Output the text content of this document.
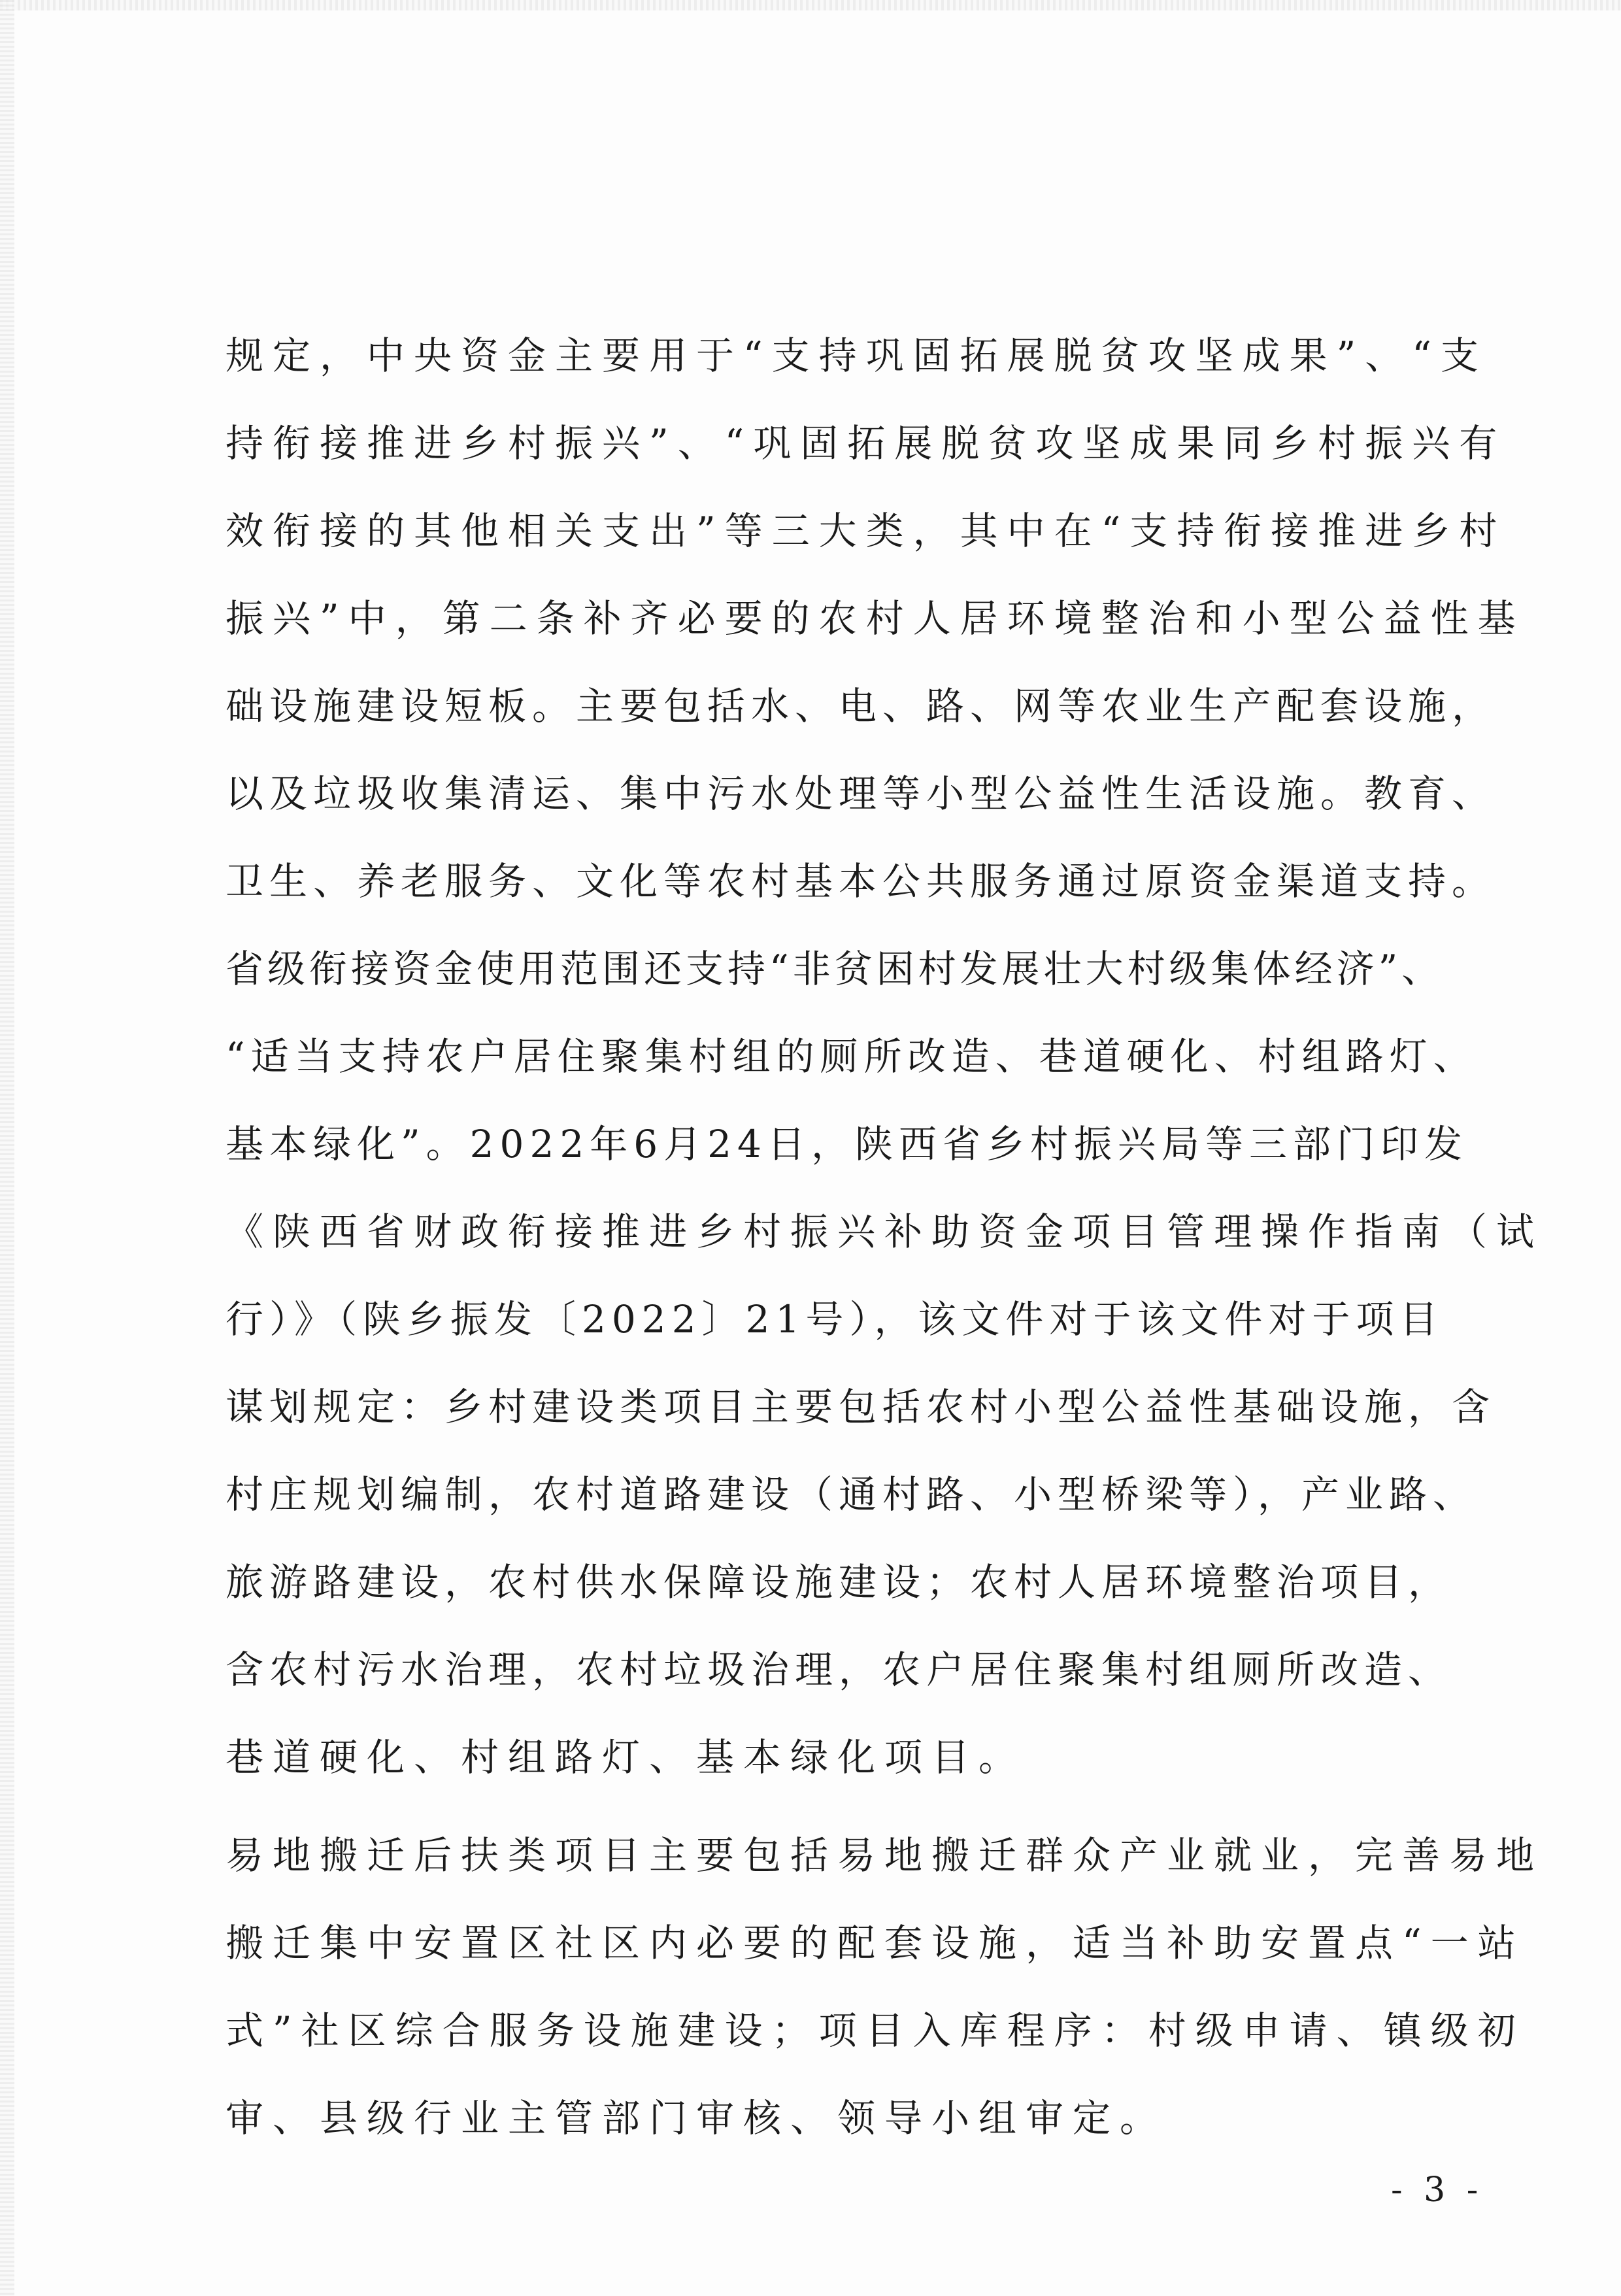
规定，中央资金主要用于“支持巩固拓展脱贫攻坚成果”、“支
持衔接推进乡村振兴”、“巩固拓展脱贫攻坚成果同乡村振兴有
效衔接的其他相关支出”等三大类，其中在“支持衔接推进乡村
振兴”中，第二条补齐必要的农村人居环境整治和小型公益性基
础设施建设短板。主要包括水、电、路、网等农业生产配套设施，
以及垃圾收集清运、集中污水处理等小型公益性生活设施。教育、
卫生、养老服务、文化等农村基本公共服务通过原资金渠道支持。
省级衔接资金使用范围还支持“非贫困村发展壮大村级集体经济”、
“适当支持农户居住聚集村组的厕所改造、巷道硬化、村组路灯、
基本绿化”。2022年6月24日，陕西省乡村振兴局等三部门印发
《陕西省财政衔接推进乡村振兴补助资金项目管理操作指南（试
行）》（陕乡振发〔2022〕21号），该文件对于该文件对于项目
谋划规定：乡村建设类项目主要包括农村小型公益性基础设施，含
村庄规划编制，农村道路建设（通村路、小型桥梁等），产业路、
旅游路建设，农村供水保障设施建设；农村人居环境整治项目，
含农村污水治理，农村垃圾治理，农户居住聚集村组厕所改造、
巷道硬化、村组路灯、基本绿化项目。
易地搬迁后扶类项目主要包括易地搬迁群众产业就业，完善易地
搬迁集中安置区社区内必要的配套设施，适当补助安置点“一站
式”社区综合服务设施建设；项目入库程序：村级申请、镇级初
审、县级行业主管部门审核、领导小组审定。
- 3 -
